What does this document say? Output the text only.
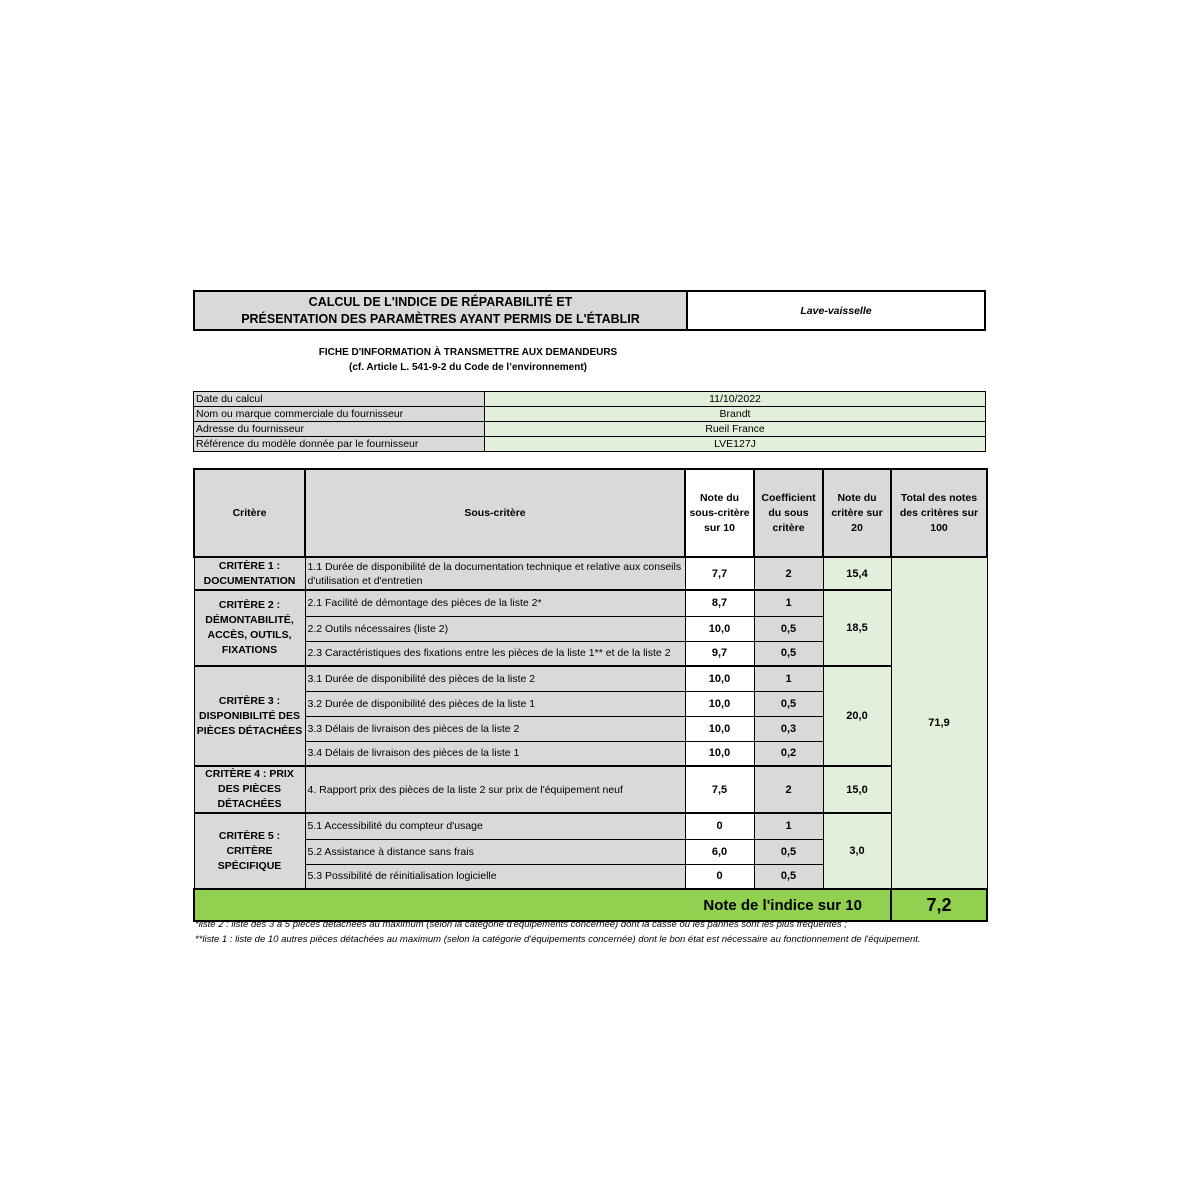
CALCUL DE L'INDICE DE RÉPARABILITÉ ET
PRÉSENTATION DES PARAMÈTRES AYANT PERMIS DE L'ÉTABLIR
Lave-vaisselle
FICHE D'INFORMATION À TRANSMETTRE AUX DEMANDEURS
(cf. Article L. 541-9-2 du Code de l’environnement)
Date du calcul	11/10/2022
Nom ou marque commerciale du fournisseur	Brandt
Adresse du fournisseur	Rueil France
Référence du modèle donnée par le fournisseur	LVE127J
Critère	Sous-critère	Note du sous-critère sur 10	Coefficient du sous critère	Note du critère sur 20	Total des notes des critères sur 100
CRITÈRE 1 : DOCUMENTATION	1.1 Durée de disponibilité de la documentation technique et relative aux conseils d'utilisation et d'entretien	7,7	2	15,4	71,9
CRITÈRE 2 : DÉMONTABILITÉ, ACCÈS, OUTILS, FIXATIONS	2.1 Facilité de démontage des pièces de la liste 2*	8,7	1	18,5	
	2.2 Outils nécessaires (liste 2)	10,0	0,5		
	2.3 Caractéristiques des fixations entre les pièces de la liste 1** et de la liste 2	9,7	0,5		
CRITÈRE 3 : DISPONIBILITÉ DES PIÈCES DÉTACHÉES	3.1 Durée de disponibilité des pièces de la liste 2	10,0	1	20,0	
	3.2 Durée de disponibilité des pièces de la liste 1	10,0	0,5		
	3.3 Délais de livraison des pièces de la liste 2	10,0	0,3		
	3.4 Délais de livraison des pièces de la liste 1	10,0	0,2		
CRITÈRE 4 : PRIX DES PIÈCES DÉTACHÉES	4. Rapport prix des pièces de la liste 2 sur prix de l'équipement neuf	7,5	2	15,0	
CRITÈRE 5 : CRITÈRE SPÉCIFIQUE	5.1 Accessibilité du compteur d'usage	0	1	3,0	
	5.2 Assistance à distance sans frais	6,0	0,5		
	5.3 Possibilité de réinitialisation logicielle	0	0,5		
Note de l'indice sur 10					7,2

*liste 2 : liste des 3 à 5 pièces détachées au maximum (selon la catégorie d'équipements concernée) dont la casse ou les pannes sont les plus fréquentes ;

**liste 1 : liste de 10 autres pièces détachées au maximum (selon la catégorie d'équipements concernée) dont le bon état est nécessaire au fonctionnement de l'équipement.
